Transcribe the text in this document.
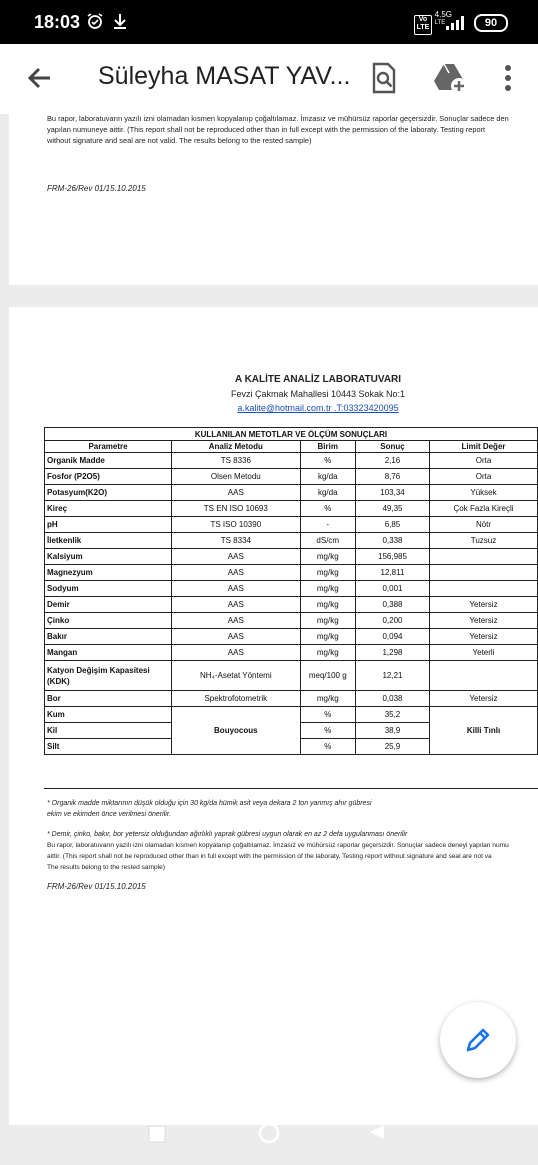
18:03	Vo
LTE
4.5G
LTE	90
Süleyha MASAT YAV...
Bu rapor, laboratuvarın yazılı izni olamadan kısmen kopyalanıp çoğaltılamaz. İmzasız ve mühürsüz raporlar geçersizdir. Sonuçlar sadece den
yapılan numuneye aittir. (This report shall not be reproduced other than in full except with the permission of the laboraty. Testing report
without signature and seal are not valid. The results belong to the rested sample)
FRM-26/Rev 01/15.10.2015
A KALİTE ANALİZ LABORATUVARI
Fevzi Çakmak Mahallesi 10443 Sokak No:1
a.kalite@hotmail.com.tr .T:03323420095
KULLANILAN METOTLAR VE ÖLÇÜM SONUÇLARI				
Parametre	Analiz Metodu	Birim	Sonuç	Limit Değer
Organik Madde	TS 8336	%	2,16	Orta
Fosfor (P2O5)	Olsen Metodu	kg/da	8,76	Orta
Potasyum(K2O)	AAS	kg/da	103,34	Yüksek
Kireç	TS EN ISO 10693	%	49,35	Çok Fazla Kireçli
pH	TS ISO 10390	-	6,85	Nötr
İletkenlik	TS 8334	dS/cm	0,338	Tuzsuz
Kalsiyum	AAS	mg/kg	156,985	
Magnezyum	AAS	mg/kg	12,811	
Sodyum	AAS	mg/kg	0,001	
Demir	AAS	mg/kg	0,388	Yetersiz
Çinko	AAS	mg/kg	0,200	Yetersiz
Bakır	AAS	mg/kg	0,094	Yetersiz
Mangan	AAS	mg/kg	1,298	Yeterli
Katyon Değişim Kapasitesi
(KDK)	NH₄-Asetat Yöntemi	meq/100 g	12,21	
Bor	Spektrofotometrik	mg/kg	0,038	Yetersiz
Kum	Bouyocous	%	35,2	Killi Tınlı
Kil		%	38,9	
Silt		%	25,9	
* Organik madde miktarının düşük olduğu için 30 kg/da hümik asit veya dekara 2 ton yanmış ahır gübresi
ekim ve ekimden önce verilmesi önerilir.
* Demir, çinko, bakır, bor yetersiz olduğundan ağırlıklı yaprak gübresi uygun olarak en az 2 defa uygulanması önerilir
Bu rapor, laboratuvarın yazılı izni olamadan kısmen kopyalanıp çoğaltılamaz. İmzasız ve mühürsüz raporlar geçersizdir. Sonuçlar sadece deneyi yapılan numu
aittir. (This report shall not be reproduced other than in full except with the permission of the laboraty. Testing report without signature and seal are not va
The results belong to the rested sample)
FRM-26/Rev 01/15.10.2015
